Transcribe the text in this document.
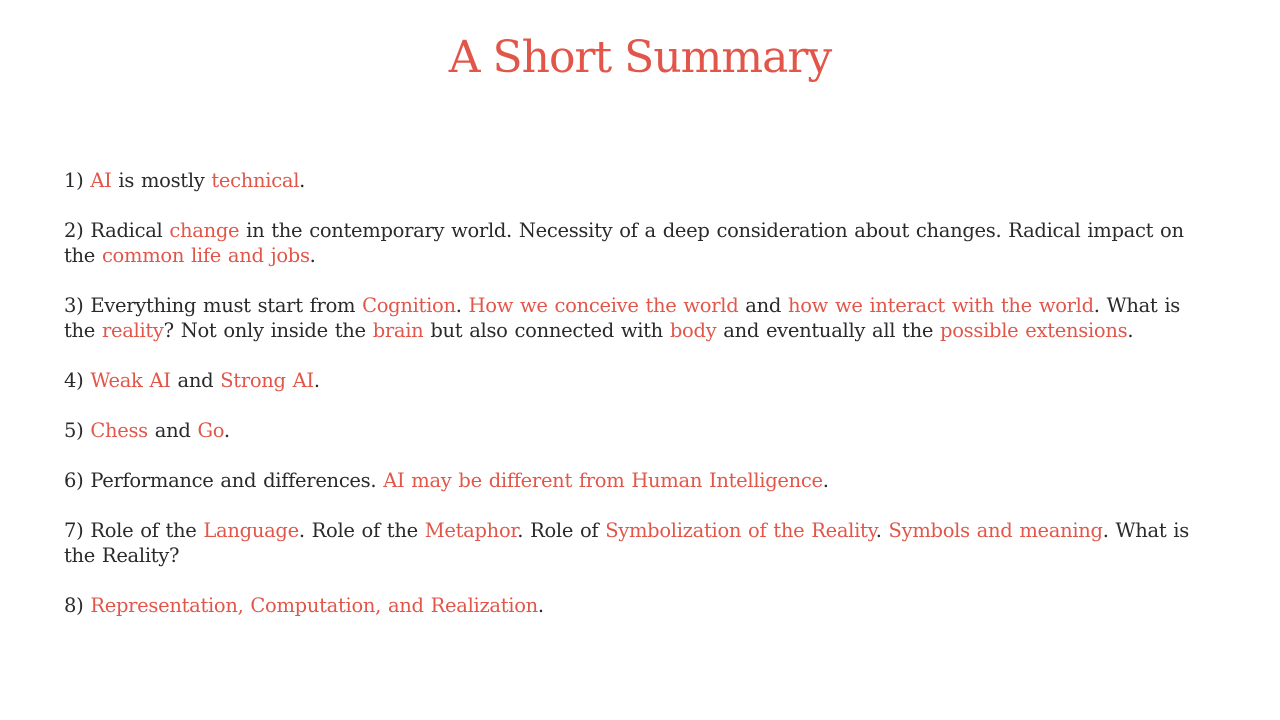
A Short Summary
1) AI is mostly technical.
2) Radical change in the contemporary world. Necessity of a deep consideration about changes. Radical impact on the common life and jobs.
3) Everything must start from Cognition. How we conceive the world and how we interact with the world. What is the reality? Not only inside the brain but also connected with body and eventually all the possible extensions.
4) Weak AI and Strong AI.
5) Chess and Go.
6) Performance and differences. AI may be different from Human Intelligence.
7) Role of the Language. Role of the Metaphor. Role of Symbolization of the Reality. Symbols and meaning. What is the Reality?
8) Representation, Computation, and Realization.
